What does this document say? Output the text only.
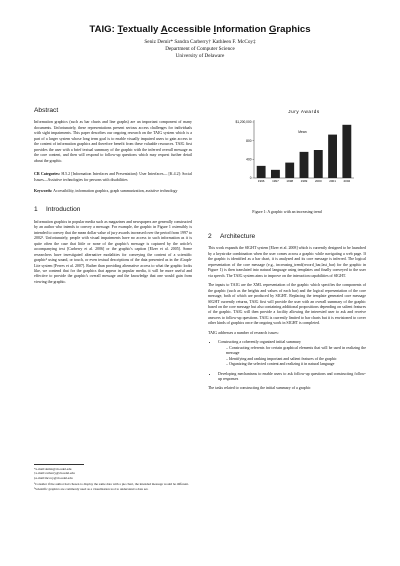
TAIG: Textually Accessible Information Graphics
Seniz Demir* Sandra Carberry† Kathleen F. McCoy‡
Department of Computer Science
University of Delaware
Abstract

Information graphics (such as bar charts and line graphs) are an important component of many documents. Unfortunately, these representations present serious access challenges for individuals with sight impairments. This paper describes our ongoing research on the TAIG system which is a part of a larger system whose long term goal is to enable visually impaired users to gain access to the content of information graphics and therefore benefit from these valuable resources. TAIG first provides the user with a brief textual summary of the graphic with the inferred overall message as the core content, and then will respond to follow-up questions which may request further detail about the graphic.

CR Categories: H.5.2 [Information Interfaces and Presentation]: User Interfaces— [K.4.2]: Social Issues—Assistive technologies for persons with disabilities

Keywords: Accessibility, information graphics, graph summarization, assistive technology

1 Introduction

Information graphics in popular media such as magazines and newspapers are generally constructed by an author who intends to convey a message. For example, the graphic in Figure 1 ostensibly is intended to convey that the mean dollar value of jury awards increased over the period from 1997 to 2002¹. Unfortunately, people with visual impairments have no access to such information as it is quite often the case that little or none of the graphic's message is captured by the article's accompanying text [Carberry et al. 2006] or the graphic's caption [Elzer et al. 2005]. Some researchers have investigated alternative modalities for conveying the content of a scientific graphic² using sound, or touch, or even textual descriptions of the data presented as in the iGraph-Lite system [Ferres et al. 2007]. Rather than providing alternative access to what the graphic looks like, we contend that for the graphics that appear in popular media, it will be more useful and effective to provide the graphic's overall message and the knowledge that one would gain from viewing the graphic.

*e-mail:demir@cis.udel.edu
†e-mail:carberry@cis.udel.edu
‡e-mail:mccoy@cis.udel.edu
¹Consider if the author had chosen to display the same data with a pie chart, the intended message would be different.
²Scientific graphics are commonly used as a visualization tool to understand a data set.
Jury Awards
0
400
800
$1,200,000
1996	1997	1998	1999	2000	2001	2002
Mean
Figure 1: A graphic with an increasing trend
2 Architecture

This work expands the SIGHT system [Elzer et al. 2008] which is currently designed to be launched by a keystroke combination when the user comes across a graphic while navigating a web page. If the graphic is identified as a bar chart, it is analyzed and its core message is inferred. The logical representation of the core message (e.g., increasing_trend(record_bar,last_bar) for the graphic in Figure 1) is then translated into natural language using templates and finally conveyed to the user via speech. The TAIG system aims to improve on the interaction capabilities of SIGHT.

The inputs to TAIG are the XML representation of the graphic which specifies the components of the graphic (such as the heights and values of each bar) and the logical representation of the core message, both of which are produced by SIGHT. Replacing the template generated core message SIGHT currently returns, TAIG first will provide the user with an overall summary of the graphic based on the core message but also containing additional propositions depending on salient features of the graphic. TAIG will then provide a facility allowing the interested user to ask and receive answers to follow-up questions. TAIG is currently limited to bar charts but it is envisioned to cover other kinds of graphics once the ongoing work in SIGHT is completed.

TAIG addresses a number of research issues:

• Constructing a coherently organized initial summary
– Constructing referents for certain graphical elements that will be used in realizing the message
– Identifying and ranking important and salient features of the graphic
– Organizing the selected content and realizing it in natural language
• Developing mechanisms to enable users to ask follow-up questions and constructing follow-up responses

The tasks related to constructing the initial summary of a graphic
